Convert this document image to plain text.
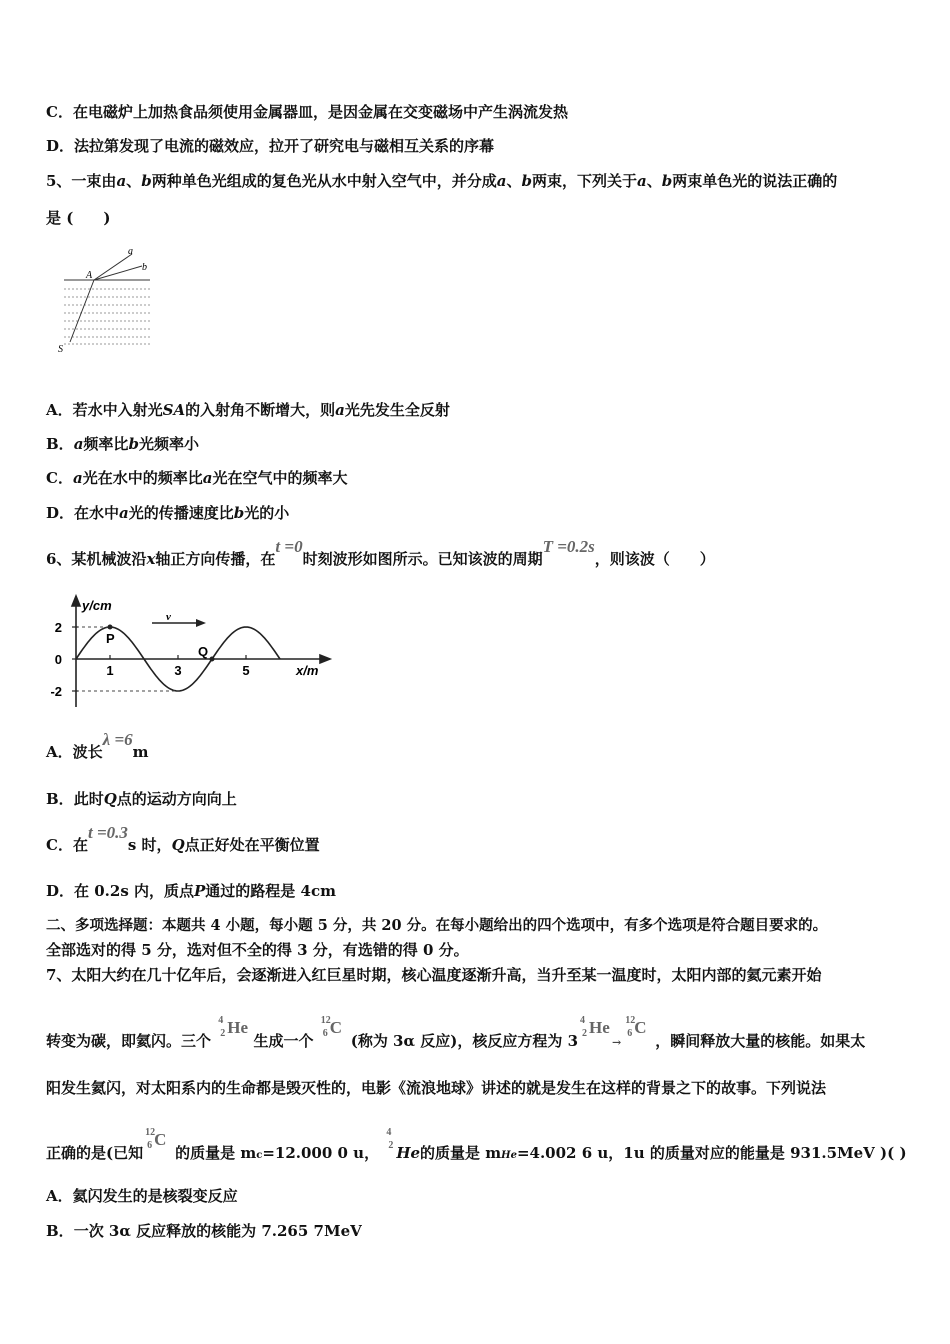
C．在电磁炉上加热食品须使用金属器皿，是因金属在交变磁场中产生涡流发热
D．法拉第发现了电流的磁效应，拉开了研究电与磁相互关系的序幕
5、一束由a、b两种单色光组成的复色光从水中射入空气中，并分成a、b两束，下列关于a、b两束单色光的说法正确的
是 (　　)
a
b
A
S
A．若水中入射光SA的入射角不断增大，则a光先发生全反射
B．a频率比b光频率小
C．a光在水中的频率比a光在空气中的频率大
D．在水中a光的传播速度比b光的小
6、某机械波沿x轴正方向传播，在t =0时刻波形如图所示。已知该波的周期T =0.2s，则该波（　　）
y/cm
x/m
v
2
0
-2
1	3	5
P
Q
A．波长λ =6m
B．此时Q点的运动方向向上
C．在t =0.3s 时，Q点正好处在平衡位置
D．在 0.2s 内，质点P通过的路程是 4cm
二、多项选择题：本题共 4 小题，每小题 5 分，共 20 分。在每小题给出的四个选项中，有多个选项是符合题目要求的。
全部选对的得 5 分，选对但不全的得 3 分，有选错的得 0 分。
7、太阳大约在几十亿年后，会逐渐进入红巨星时期，核心温度逐渐升高，当升至某一温度时，太阳内部的氦元素开始
转变为碳，即氦闪。三个
4
2 He
生成一个
12
6 C
(称为 3α 反应)，核反应方程为 3
4
2 He
→
12
6 C
，瞬间释放大量的核能。如果太
阳发生氦闪，对太阳系内的生命都是毁灭性的，电影《流浪地球》讲述的就是发生在这样的背景之下的故事。下列说法
正确的是(已知
12
6 C
的质量是 mc=12.000 0 u，
4
2 He的质量是 mHe=4.002 6 u，1u 的质量对应的能量是 931.5MeV )( )
A．氦闪发生的是核裂变反应
B．一次 3α 反应释放的核能为 7.265 7MeV
